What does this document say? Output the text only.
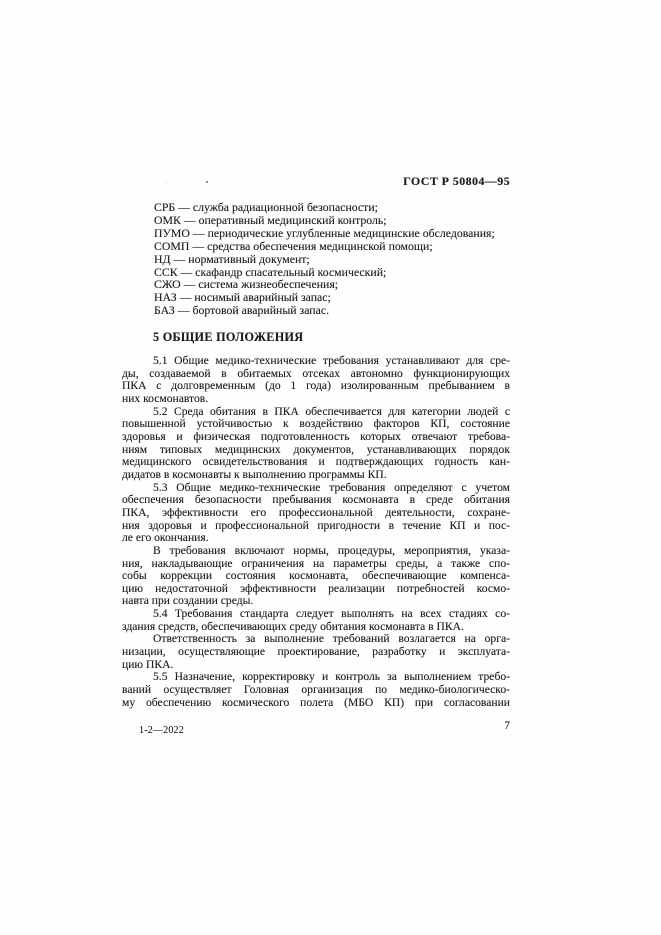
ГОСТ Р 50804—95
СРБ — служба радиационной безопасности;
ОМК — оперативный медицинский контроль;
ПУМО — периодические углубленные медицинские обследования;
СОМП — средства обеспечения медицинской помощи;
НД — нормативный документ;
ССК — скафандр спасательный космический;
СЖО — система жизнеобеспечения;
НАЗ — носимый аварийный запас;
БАЗ — бортовой аварийный запас.
5 ОБЩИЕ ПОЛОЖЕНИЯ
5.1 Общие медико-технические требования устанавливают для сре-
ды, создаваемой в обитаемых отсеках автономно функционирующих
ПКА с долговременным (до 1 года) изолированным пребыванием в
них космонавтов.
5.2 Среда обитания в ПКА обеспечивается для категории людей с
повышенной устойчивостью к воздействию факторов КП, состояние
здоровья и физическая подготовленность которых отвечают требова-
ниям типовых медицинских документов, устанавливающих порядок
медицинского освидетельствования и подтверждающих годность кан-
дидатов в космонавты к выполнению программы КП.
5.3 Общие медико-технические требования определяют с учетом
обеспечения безопасности пребывания космонавта в среде обитания
ПКА, эффективности его профессиональной деятельности, сохране-
ния здоровья и профессиональной пригодности в течение КП и пос-
ле его окончания.
В требования включают нормы, процедуры, мероприятия, указа-
ния, накладывающие ограничения на параметры среды, а также спо-
собы коррекции состояния космонавта, обеспечивающие компенса-
цию недостаточной эффективности реализации потребностей космо-
навта при создании среды.
5.4 Требования стандарта следует выполнять на всех стадиях со-
здания средств, обеспечивающих среду обитания космонавта в ПКА.
Ответственность за выполнение требований возлагается на орга-
низации, осуществляющие проектирование, разработку и эксплуата-
цию ПКА.
5.5 Назначение, корректировку и контроль за выполнением требо-
ваний осуществляет Головная организация по медико-биологическо-
му обеспечению космического полета (МБО КП) при согласовании
1-2—2022	7
